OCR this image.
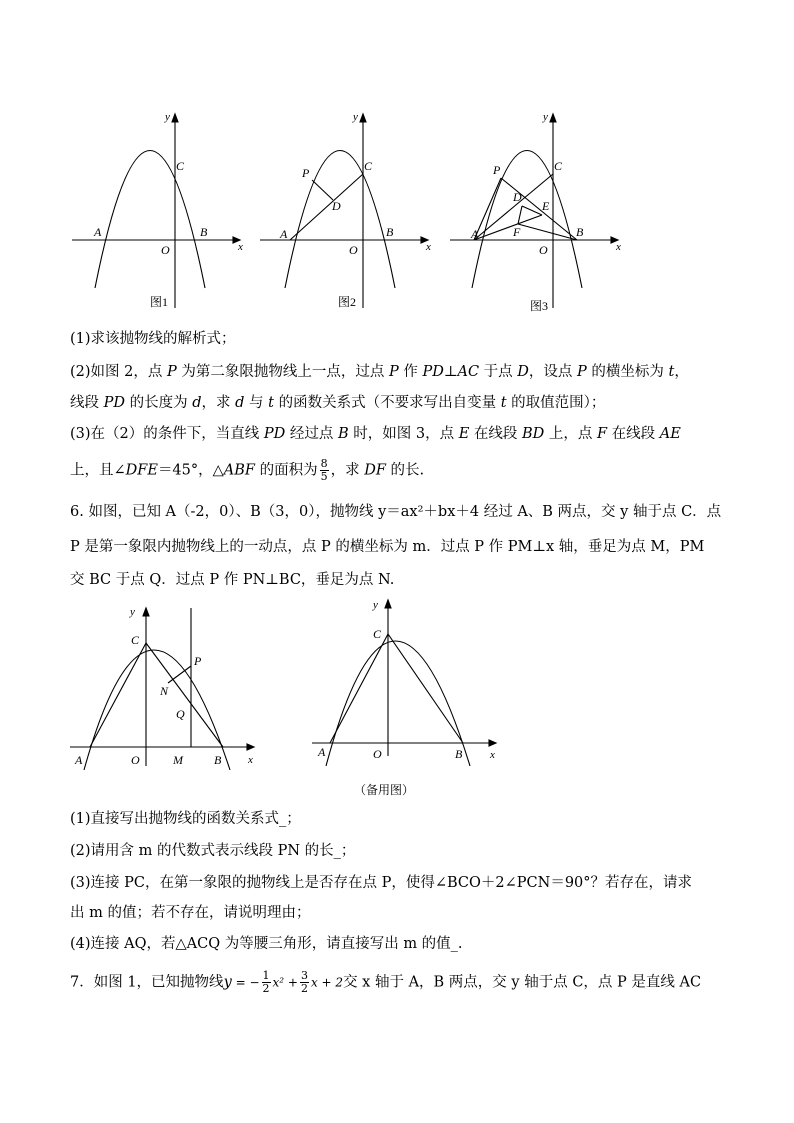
y
x
A	B
C
O
图1
y
x
A	B
C
O
P
D
图2
y
x
A	B
C
O
P
D
E
F
图3
(1)求该抛物线的解析式；
(2)如图 2，点 P 为第二象限抛物线上一点，过点 P 作 PD⊥AC 于点 D，设点 P 的横坐标为 t，
线段 PD 的长度为 d，求 d 与 t 的函数关系式（不要求写出自变量 t 的取值范围）；
(3)在（2）的条件下，当直线 PD 经过点 B 时，如图 3，点 E 在线段 BD 上，点 F 在线段 AE
上，且∠DFE＝45°，△ABF 的面积为 $\frac{8}{5}$ ，求 DF 的长.
6. 如图，已知 A（-2，0）、B（3，0），抛物线 y＝ax²＋bx＋4 经过 A、B 两点，交 y 轴于点 C．点
P 是第一象限内抛物线上的一动点，点 P 的横坐标为 m．过点 P 作 PM⊥x 轴，垂足为点 M，PM
交 BC 于点 Q．过点 P 作 PN⊥BC，垂足为点 N.
y
x
A	B
C
O
P
N
Q
M
y
x
A	B
C
O
（备用图）
(1)直接写出抛物线的函数关系式_；
(2)请用含 m 的代数式表示线段 PN 的长_；
(3)连接 PC，在第一象限的抛物线上是否存在点 P，使得∠BCO＋2∠PCN＝90°？若存在，请求
出 m 的值；若不存在，请说明理由；
(4)连接 AQ，若△ACQ 为等腰三角形，请直接写出 m 的值_.
7．如图 1，已知抛物线y = − $\frac{1}{2} x^2 + \frac{3}{2}$ x + 2交 x 轴于 A，B 两点，交 y 轴于点 C，点 P 是直线 AC
